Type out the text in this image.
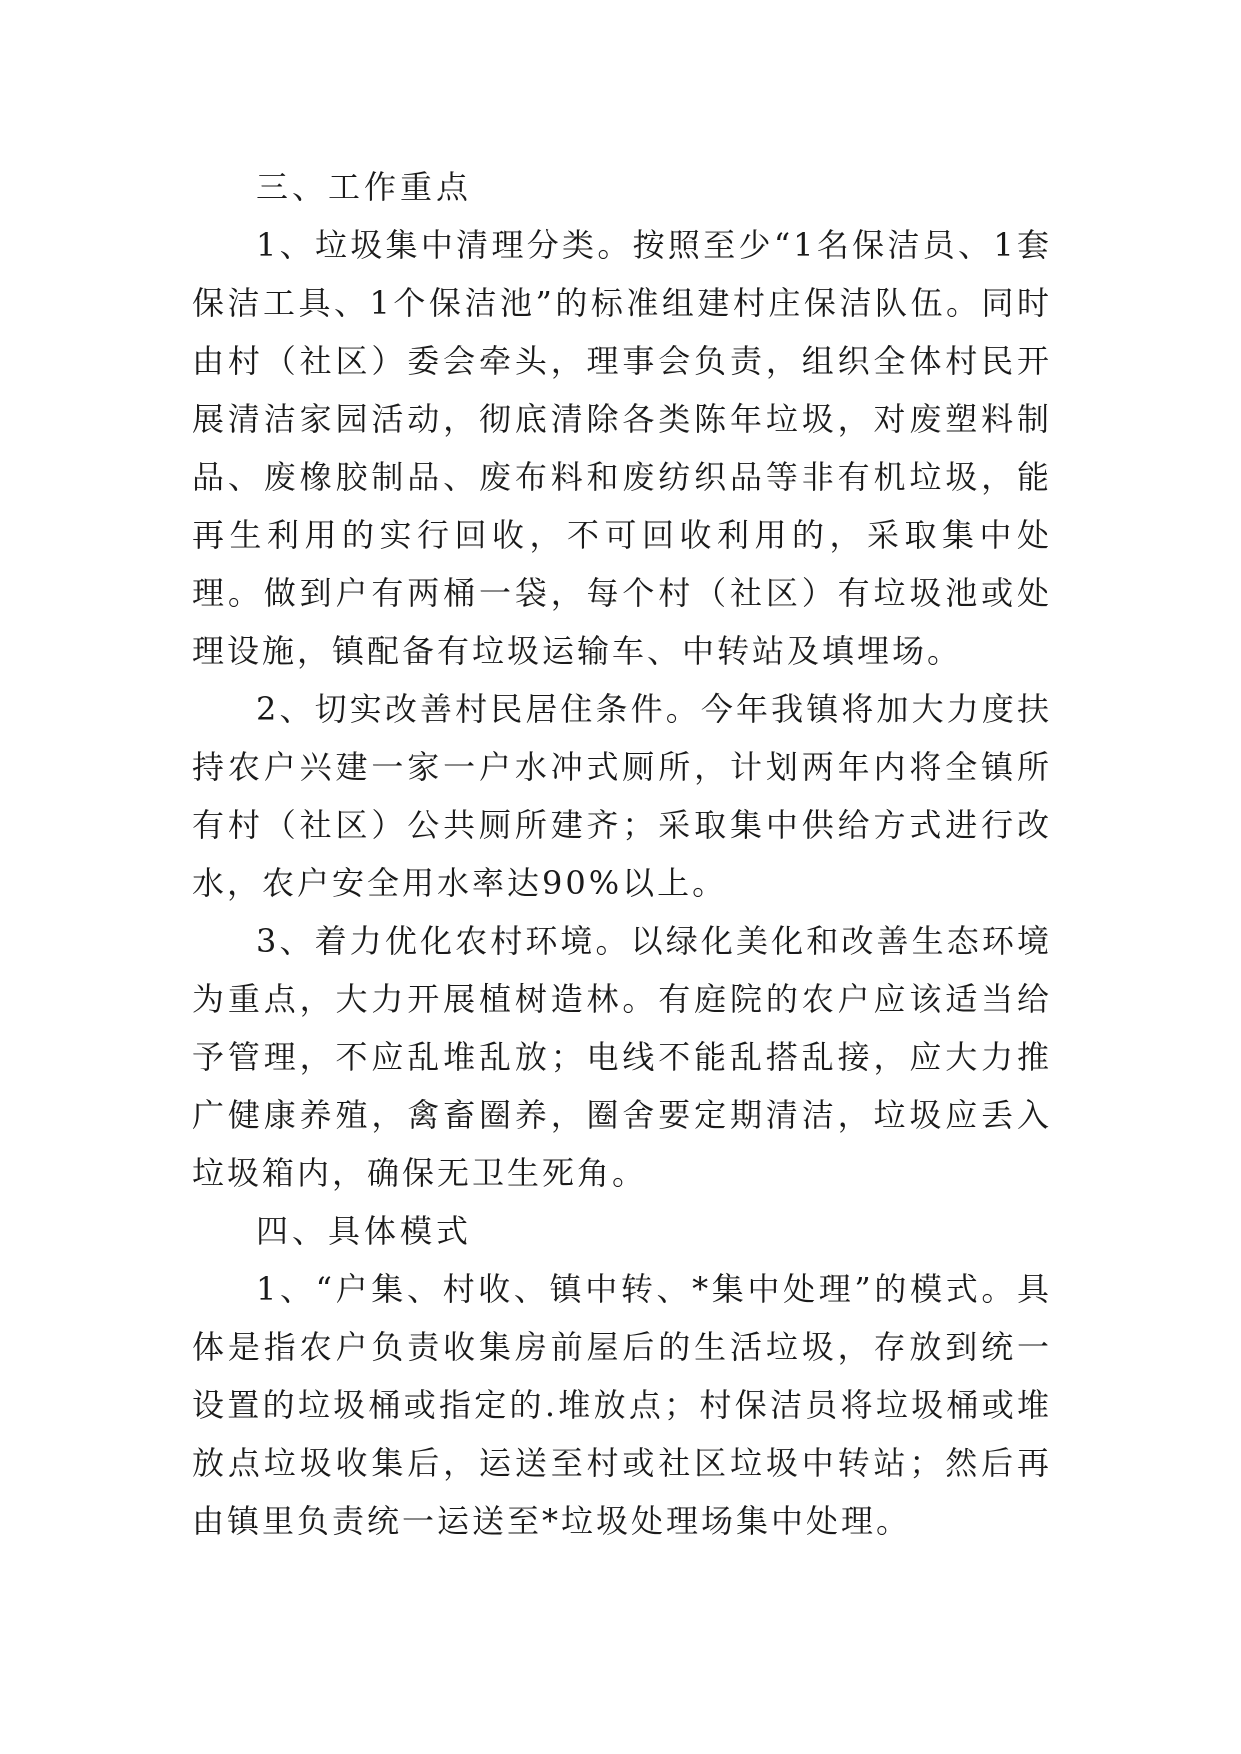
三、工作重点

1、垃圾集中清理分类。按照至少“1名保洁员、1套保洁工具、1个保洁池”的标准组建村庄保洁队伍。同时由村（社区）委会牵头，理事会负责，组织全体村民开展清洁家园活动，彻底清除各类陈年垃圾，对废塑料制品、废橡胶制品、废布料和废纺织品等非有机垃圾，能再生利用的实行回收，不可回收利用的，采取集中处理。做到户有两桶一袋，每个村（社区）有垃圾池或处理设施，镇配备有垃圾运输车、中转站及填埋场。

2、切实改善村民居住条件。今年我镇将加大力度扶持农户兴建一家一户水冲式厕所，计划两年内将全镇所有村（社区）公共厕所建齐；采取集中供给方式进行改水，农户安全用水率达90%以上。

3、着力优化农村环境。以绿化美化和改善生态环境为重点，大力开展植树造林。有庭院的农户应该适当给予管理，不应乱堆乱放；电线不能乱搭乱接，应大力推广健康养殖，禽畜圈养，圈舍要定期清洁，垃圾应丢入垃圾箱内，确保无卫生死角。

四、具体模式

1、“户集、村收、镇中转、*集中处理”的模式。具体是指农户负责收集房前屋后的生活垃圾，存放到统一设置的垃圾桶或指定的.堆放点；村保洁员将垃圾桶或堆放点垃圾收集后，运送至村或社区垃圾中转站；然后再由镇里负责统一运送至*垃圾处理场集中处理。
